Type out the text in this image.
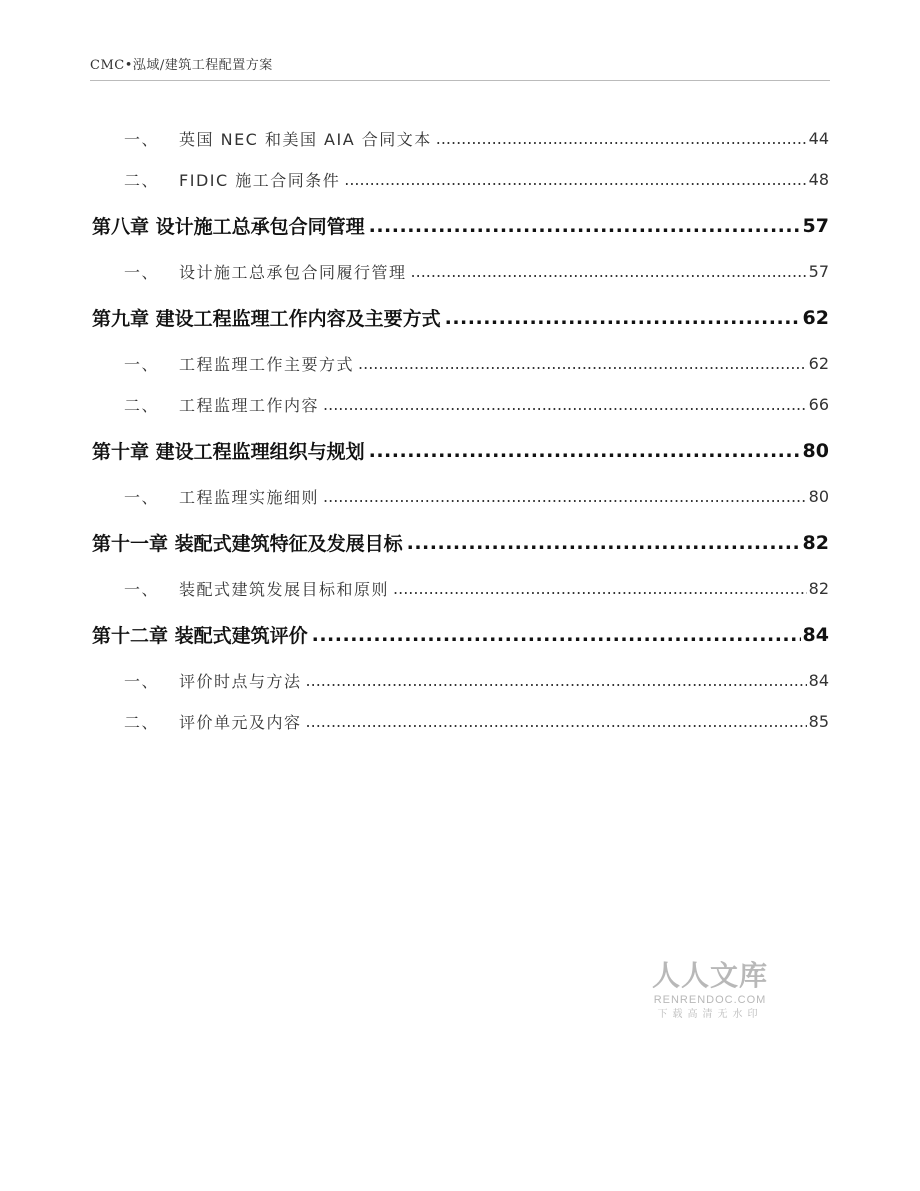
CMC•泓域/建筑工程配置方案
一、 英国 NEC 和美国 AIA 合同文本 .....	44
二、 FIDIC 施工合同条件 .....	48
第八章 设计施工总承包合同管理 .....	57
一、 设计施工总承包合同履行管理 .....	57
第九章 建设工程监理工作内容及主要方式 .....	62
一、 工程监理工作主要方式 .....	62
二、 工程监理工作内容 .....	66
第十章 建设工程监理组织与规划 .....	80
一、 工程监理实施细则 .....	80
第十一章 装配式建筑特征及发展目标 .....	82
一、 装配式建筑发展目标和原则 .....	82
第十二章 装配式建筑评价 .....	84
一、 评价时点与方法 .....	84
二、 评价单元及内容 .....	85
人人文库
RENRENDOC.COM
下载高清无水印
